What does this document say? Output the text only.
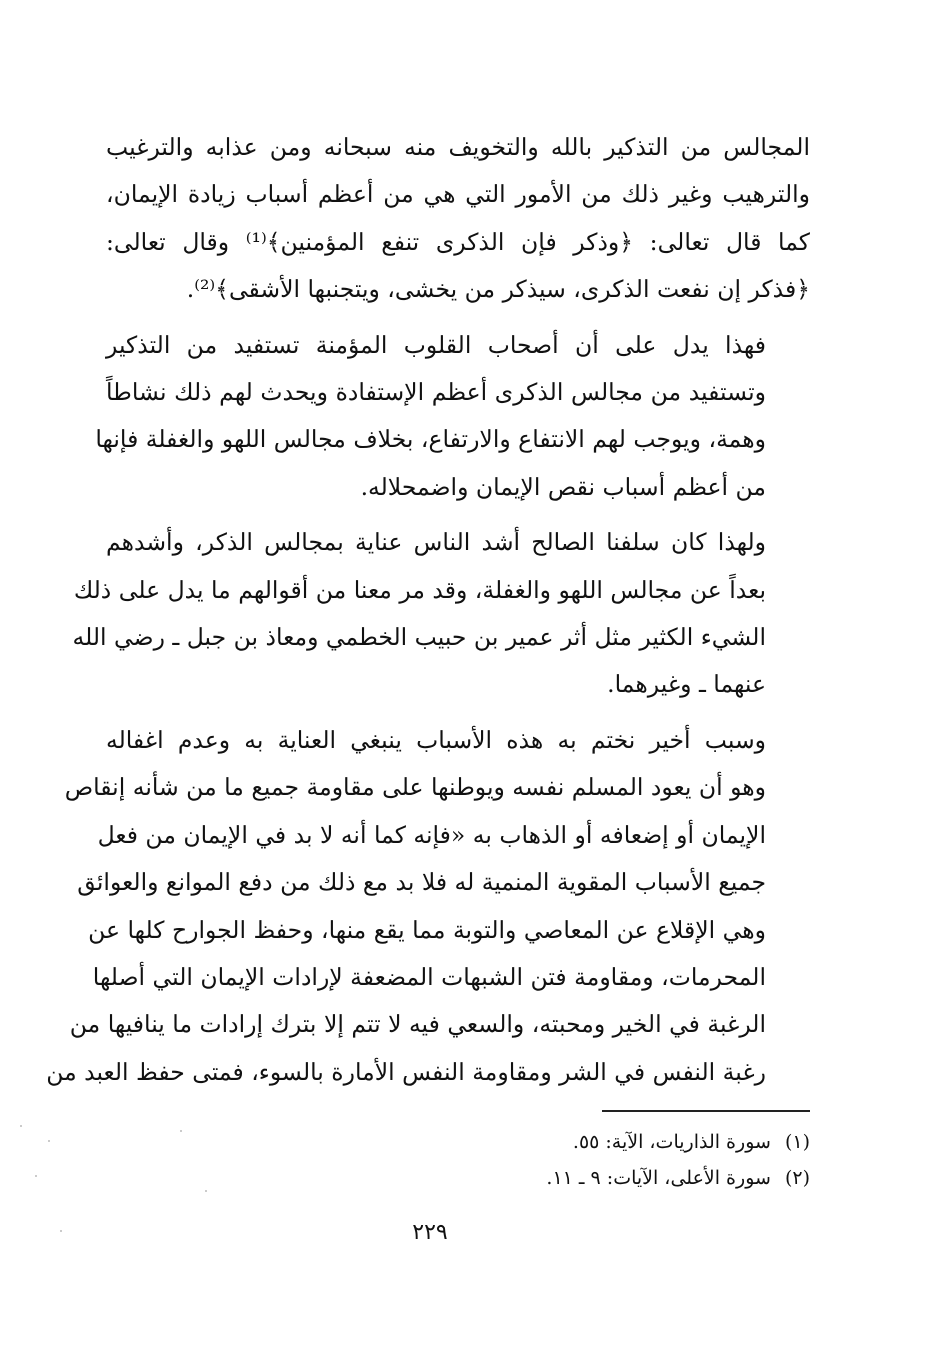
المجالس من التذكير بالله والتخويف منه سبحانه ومن عذابه والترغيب
والترهيب وغير ذلك من الأمور التي هي من أعظم أسباب زيادة الإيمان،
كما قال تعالى: ﴿وذكر فإن الذكرى تنفع المؤمنين﴾⁽¹⁾ وقال تعالى:
﴿فذكر إن نفعت الذكرى، سيذكر من يخشى، ويتجنبها الأشقى﴾⁽²⁾.

فهذا يدل على أن أصحاب القلوب المؤمنة تستفيد من التذكير
وتستفيد من مجالس الذكرى أعظم الإستفادة ويحدث لهم ذلك نشاطاً
وهمة، ويوجب لهم الانتفاع والارتفاع، بخلاف مجالس اللهو والغفلة فإنها
من أعظم أسباب نقص الإيمان واضمحلاله.

ولهذا كان سلفنا الصالح أشد الناس عناية بمجالس الذكر، وأشدهم
بعداً عن مجالس اللهو والغفلة، وقد مر معنا من أقوالهم ما يدل على ذلك
الشيء الكثير مثل أثر عمير بن حبيب الخطمي ومعاذ بن جبل ـ رضي الله
عنهما ـ وغيرهما.

وسبب أخير نختم به هذه الأسباب ينبغي العناية به وعدم اغفاله
وهو أن يعود المسلم نفسه ويوطنها على مقاومة جميع ما من شأنه إنقاص
الإيمان أو إضعافه أو الذهاب به «فإنه كما أنه لا بد في الإيمان من فعل
جميع الأسباب المقوية المنمية له فلا بد مع ذلك من دفع الموانع والعوائق
وهي الإقلاع عن المعاصي والتوبة مما يقع منها، وحفظ الجوارح كلها عن
المحرمات، ومقاومة فتن الشبهات المضعفة لإرادات الإيمان التي أصلها
الرغبة في الخير ومحبته، والسعي فيه لا تتم إلا بترك إرادات ما ينافيها من
رغبة النفس في الشر ومقاومة النفس الأمارة بالسوء، فمتى حفظ العبد من

(١)سورة الذاريات، الآية: ٥٥.
(٢)سورة الأعلى، الآيات: ٩ ـ ١١.
٢٢٩
